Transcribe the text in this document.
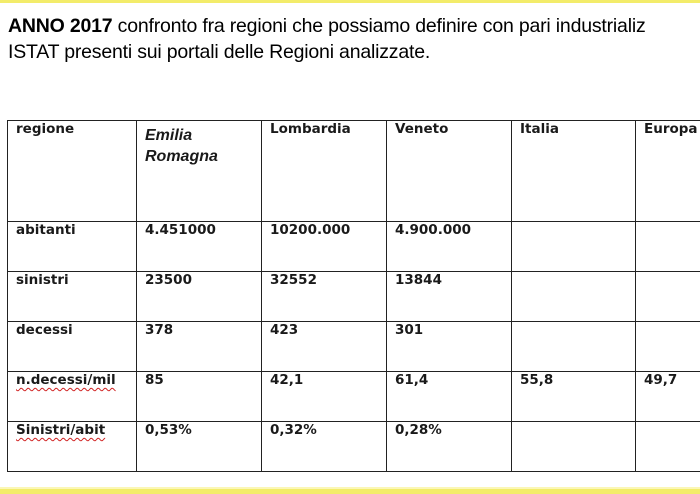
ANNO 2017 confronto fra regioni che possiamo definire con pari industrializ
ISTAT presenti sui portali delle Regioni analizzate.
regione	Emilia Romagna	Lombardia	Veneto	Italia	Europa
abitanti	4.451000	10200.000	4.900.000		
sinistri	23500	32552	13844		
decessi	378	423	301		
n.decessi/mil	85	42,1	61,4	55,8	49,7
Sinistri/abit	0,53%	0,32%	0,28%		
